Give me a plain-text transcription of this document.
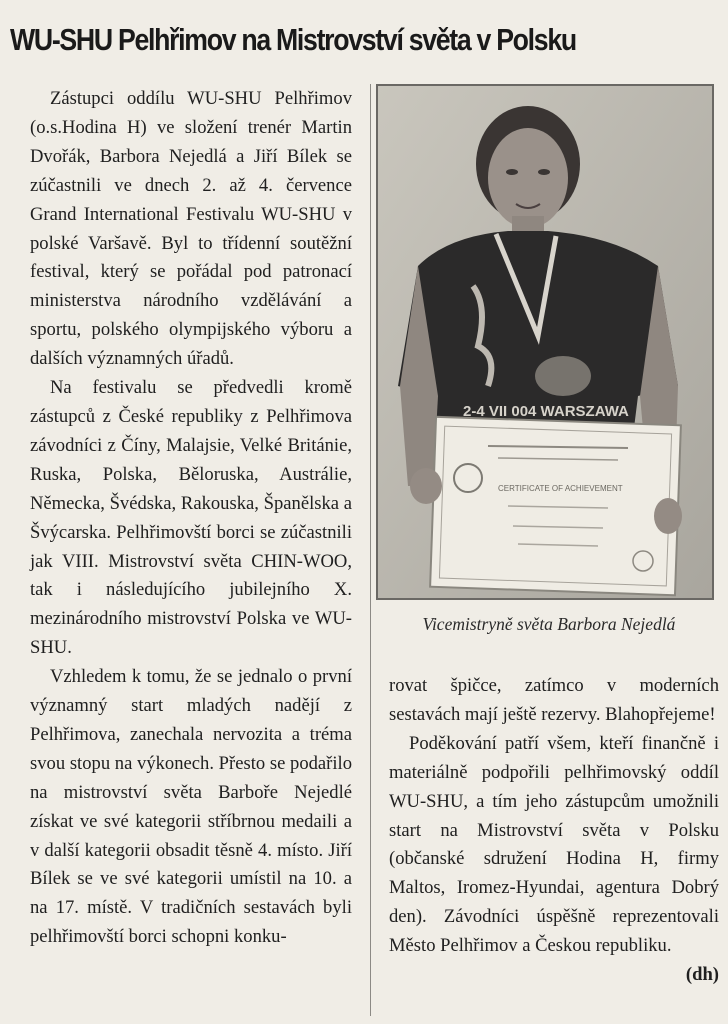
WU-SHU Pelhřimov na Mistrovství světa v Polsku

Zástupci oddílu WU-SHU Pelhřimov (o.s.Hodina H) ve složení trenér Martin Dvořák, Barbora Nejedlá a Jiří Bílek se zúčastnili ve dnech 2. až 4. července Grand International Festivalu WU-SHU v polské Varšavě. Byl to třídenní soutěžní festival, který se pořádal pod patronací ministerstva národního vzdělávání a sportu, polského olympijského výboru a dalších významných úřadů.

Na festivalu se předvedli kromě zástupců z České republiky z Pelhřimova závodníci z Číny, Malajsie, Velké Británie, Ruska, Polska, Běloruska, Austrálie, Německa, Švédska, Rakouska, Španělska a Švýcarska. Pelhřimovští borci se zúčastnili jak VIII. Mistrovství světa CHIN-WOO, tak i následujícího jubilejního X. mezinárodního mistrovství Polska ve WU-SHU.

Vzhledem k tomu, že se jednalo o první významný start mladých nadějí z Pelhřimova, zanechala nervozita a tréma svou stopu na výkonech. Přesto se podařilo na mistrovství světa Barboře Nejedlé získat ve své kategorii stříbrnou medaili a v další kategorii obsadit těsně 4. místo. Jiří Bílek se ve své kategorii umístil na 10. a na 17. místě. V tradičních sestavách byli pelhřimovští borci schopni konku-

2-4 VII 004 WARSZAWA
CERTIFICATE OF ACHIEVEMENT
Vicemistryně světa Barbora Nejedlá

rovat špičce, zatímco v moderních sestavách mají ještě rezervy. Blahopřejeme!

Poděkování patří všem, kteří finančně i materiálně podpořili pelhřimovský oddíl WU-SHU, a tím jeho zástupcům umožnili start na Mistrovství světa v Polsku (občanské sdružení Hodina H, firmy Maltos, Iromez-Hyundai, agentura Dobrý den). Závodníci úspěšně reprezentovali Město Pelhřimov a Českou republiku.
(dh)
